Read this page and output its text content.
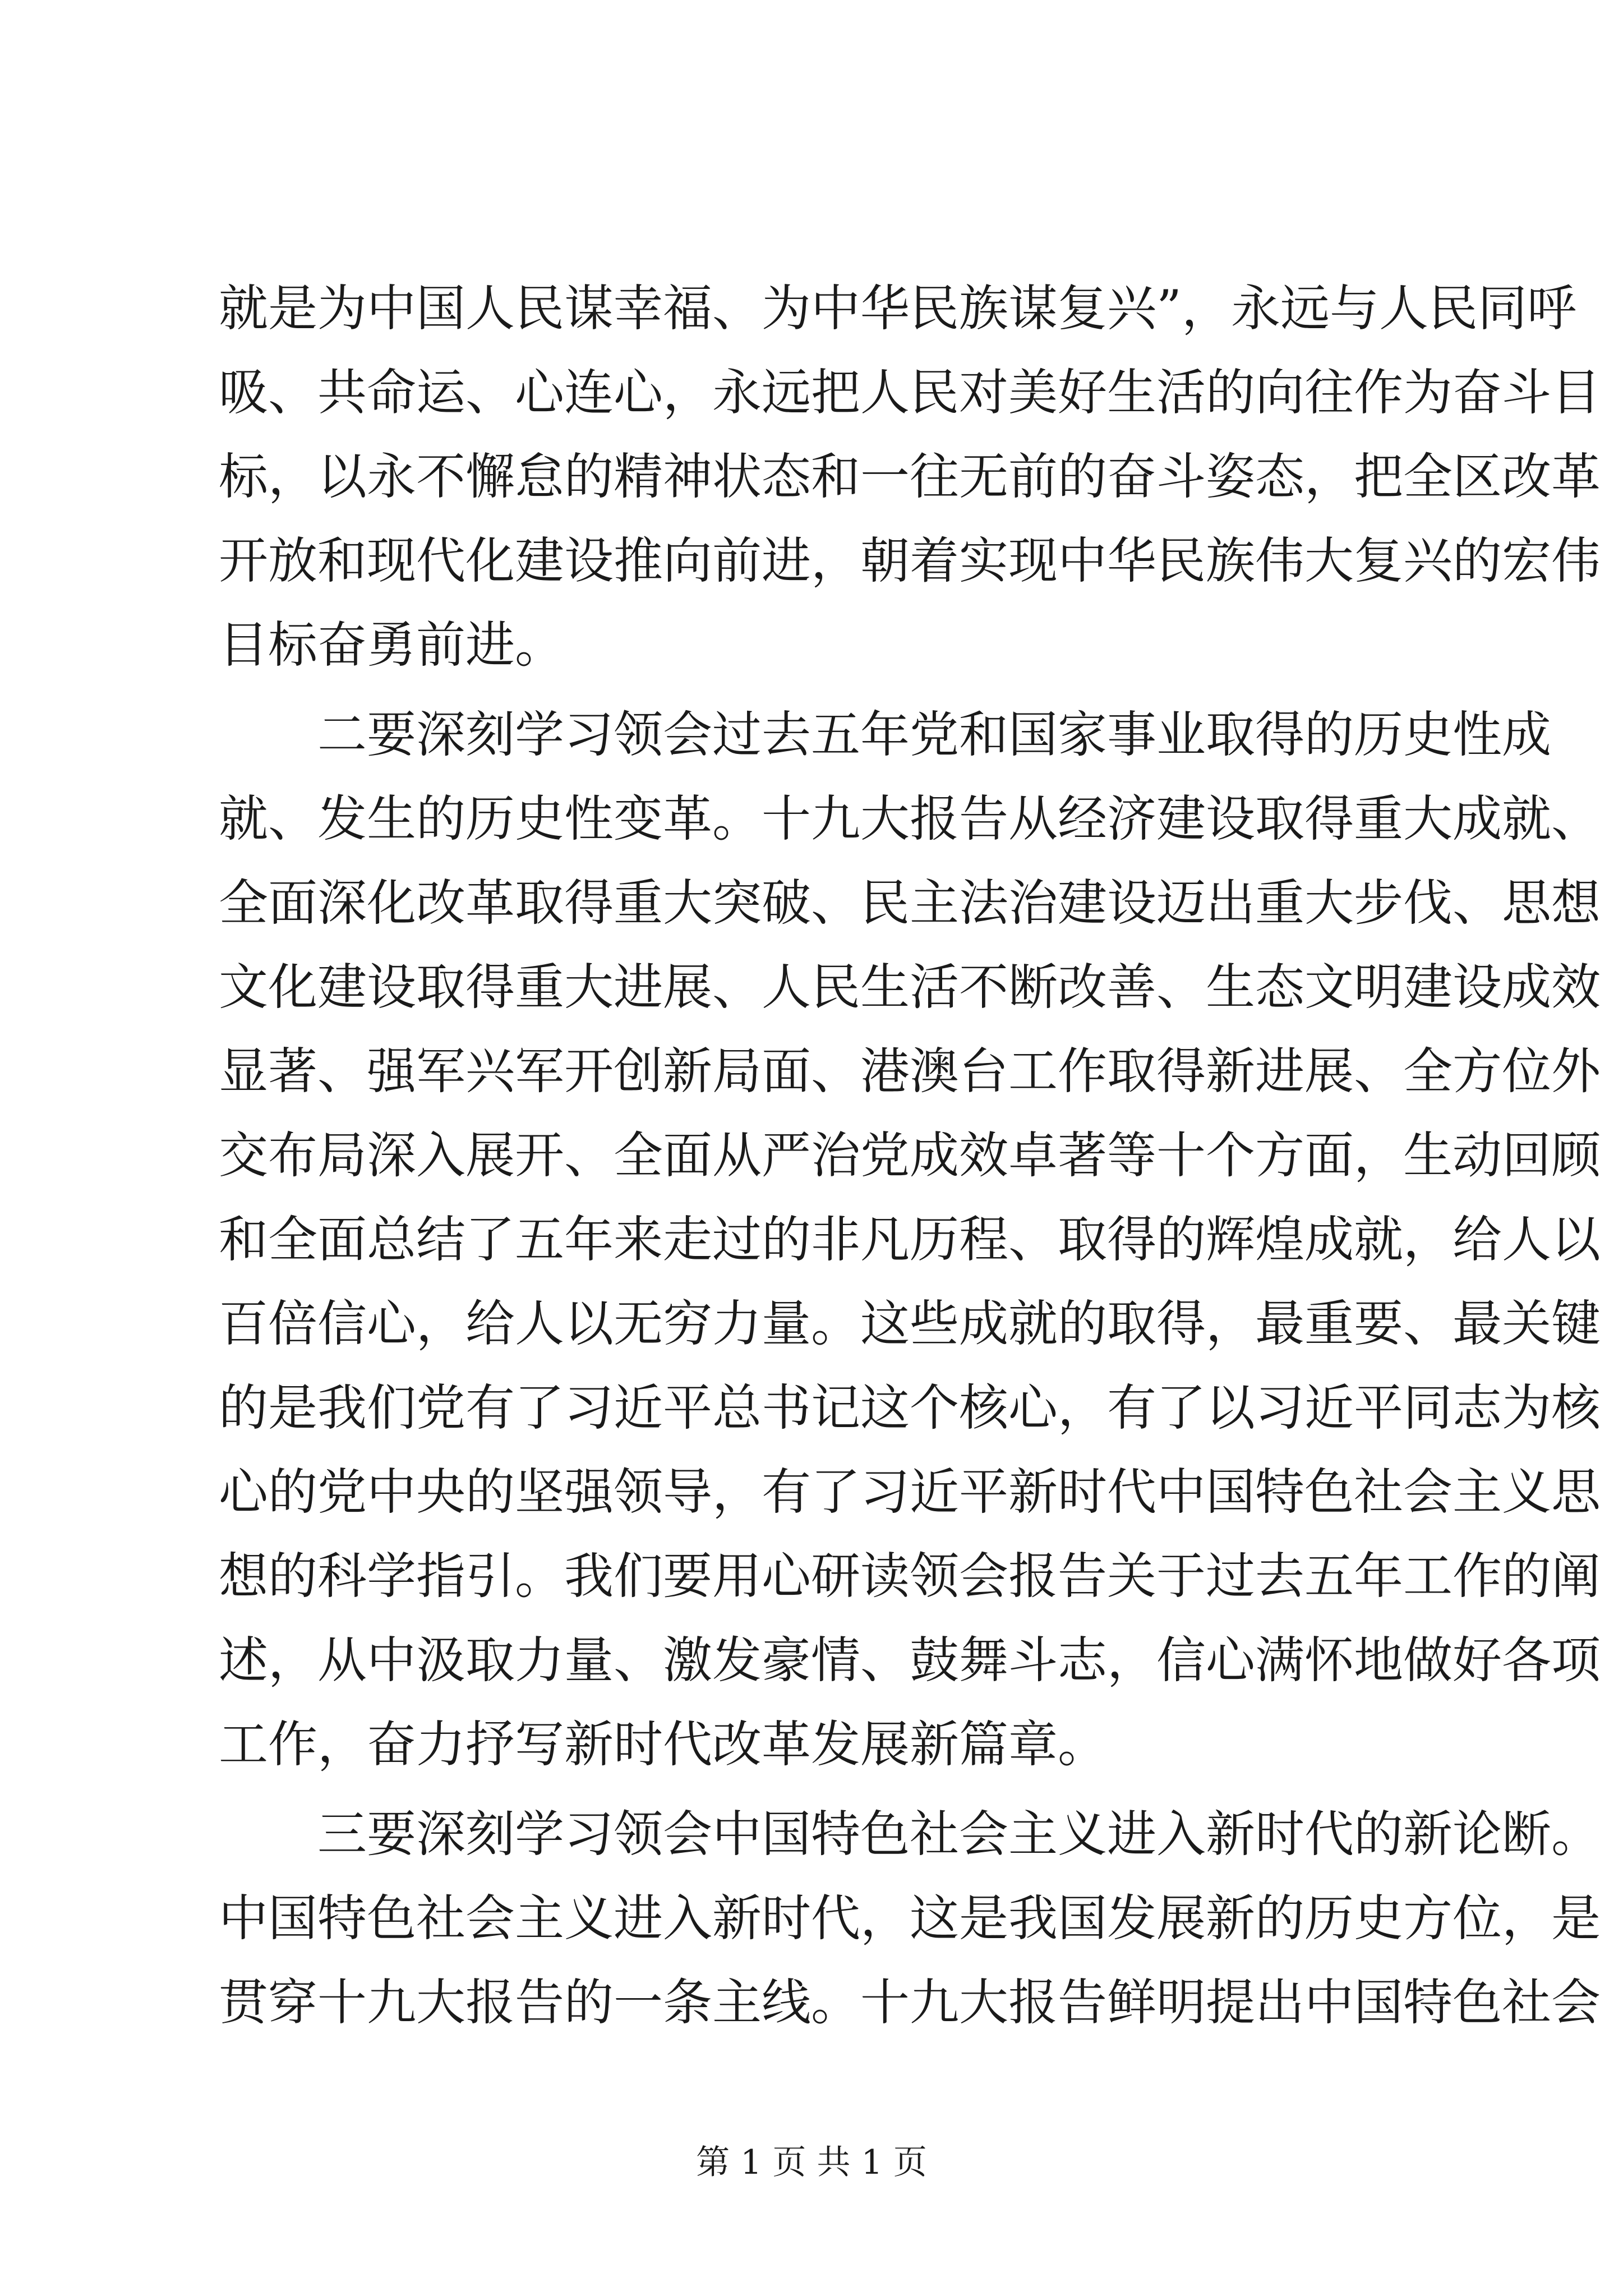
就是为中国人民谋幸福、为中华民族谋复兴”，永远与人民同呼
吸、共命运、心连心，永远把人民对美好生活的向往作为奋斗目
标，以永不懈怠的精神状态和一往无前的奋斗姿态，把全区改革
开放和现代化建设推向前进，朝着实现中华民族伟大复兴的宏伟
目标奋勇前进。
二要深刻学习领会过去五年党和国家事业取得的历史性成
就、发生的历史性变革。十九大报告从经济建设取得重大成就、
全面深化改革取得重大突破、民主法治建设迈出重大步伐、思想
文化建设取得重大进展、人民生活不断改善、生态文明建设成效
显著、强军兴军开创新局面、港澳台工作取得新进展、全方位外
交布局深入展开、全面从严治党成效卓著等十个方面，生动回顾
和全面总结了五年来走过的非凡历程、取得的辉煌成就，给人以
百倍信心，给人以无穷力量。这些成就的取得，最重要、最关键
的是我们党有了习近平总书记这个核心，有了以习近平同志为核
心的党中央的坚强领导，有了习近平新时代中国特色社会主义思
想的科学指引。我们要用心研读领会报告关于过去五年工作的阐
述，从中汲取力量、激发豪情、鼓舞斗志，信心满怀地做好各项
工作，奋力抒写新时代改革发展新篇章。
三要深刻学习领会中国特色社会主义进入新时代的新论断。
中国特色社会主义进入新时代，这是我国发展新的历史方位，是
贯穿十九大报告的一条主线。十九大报告鲜明提出中国特色社会
第 1 页 共 1 页
